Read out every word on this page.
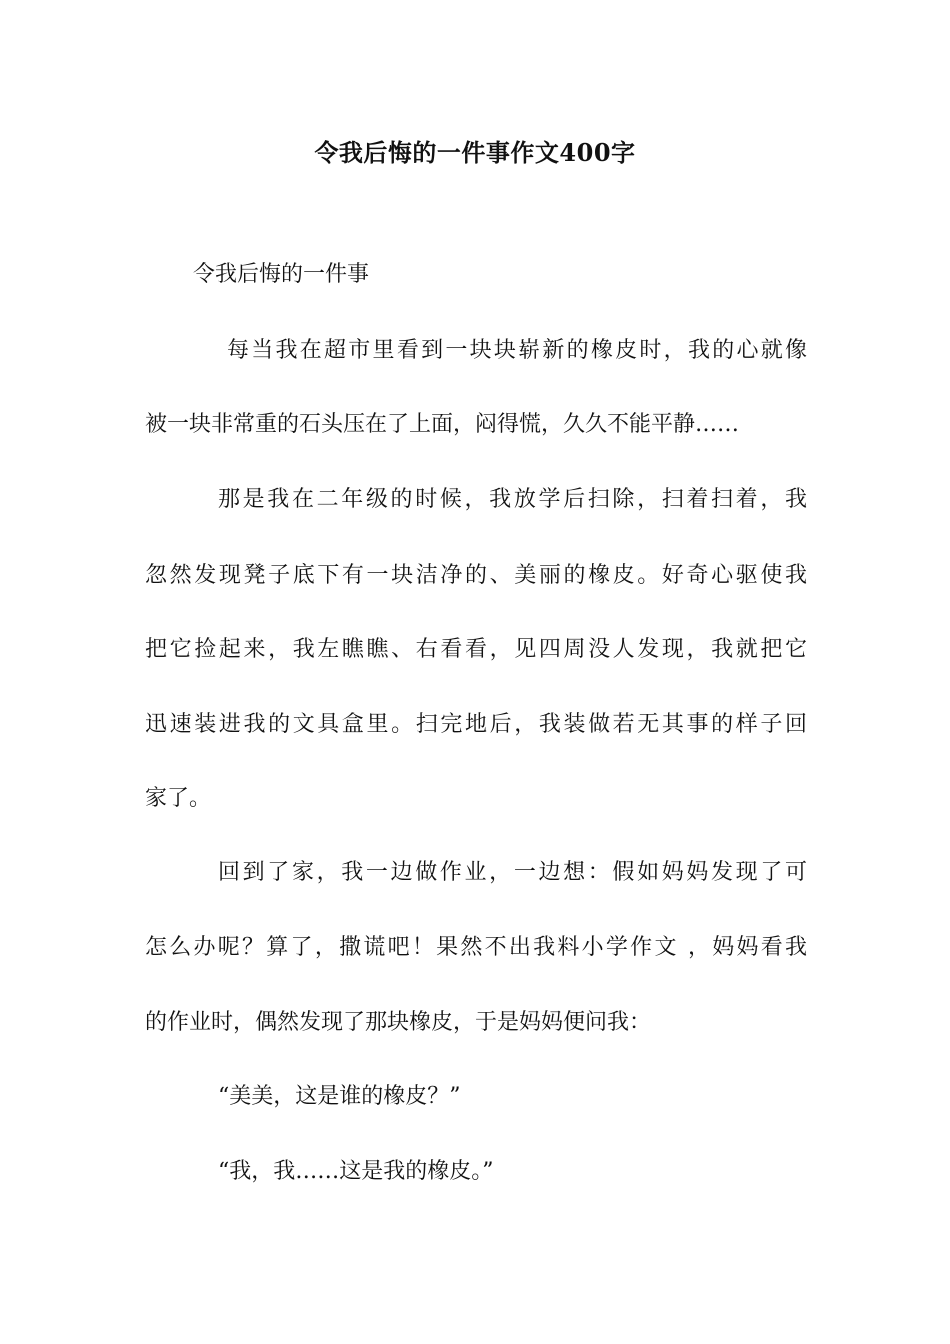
令我后悔的一件事作文400字
令我后悔的一件事
每当我在超市里看到一块块崭新的橡皮时，我的心就像
被一块非常重的石头压在了上面，闷得慌，久久不能平静……
那是我在二年级的时候，我放学后扫除，扫着扫着，我
忽然发现凳子底下有一块洁净的、美丽的橡皮。好奇心驱使我
把它捡起来，我左瞧瞧、右看看，见四周没人发现，我就把它
迅速装进我的文具盒里。扫完地后，我装做若无其事的样子回
家了。
回到了家，我一边做作业，一边想：假如妈妈发现了可
怎么办呢？算了，撒谎吧！果然不出我料小学作文 ，妈妈看我
的作业时，偶然发现了那块橡皮，于是妈妈便问我：
“美美，这是谁的橡皮？”
“我，我……这是我的橡皮。”
